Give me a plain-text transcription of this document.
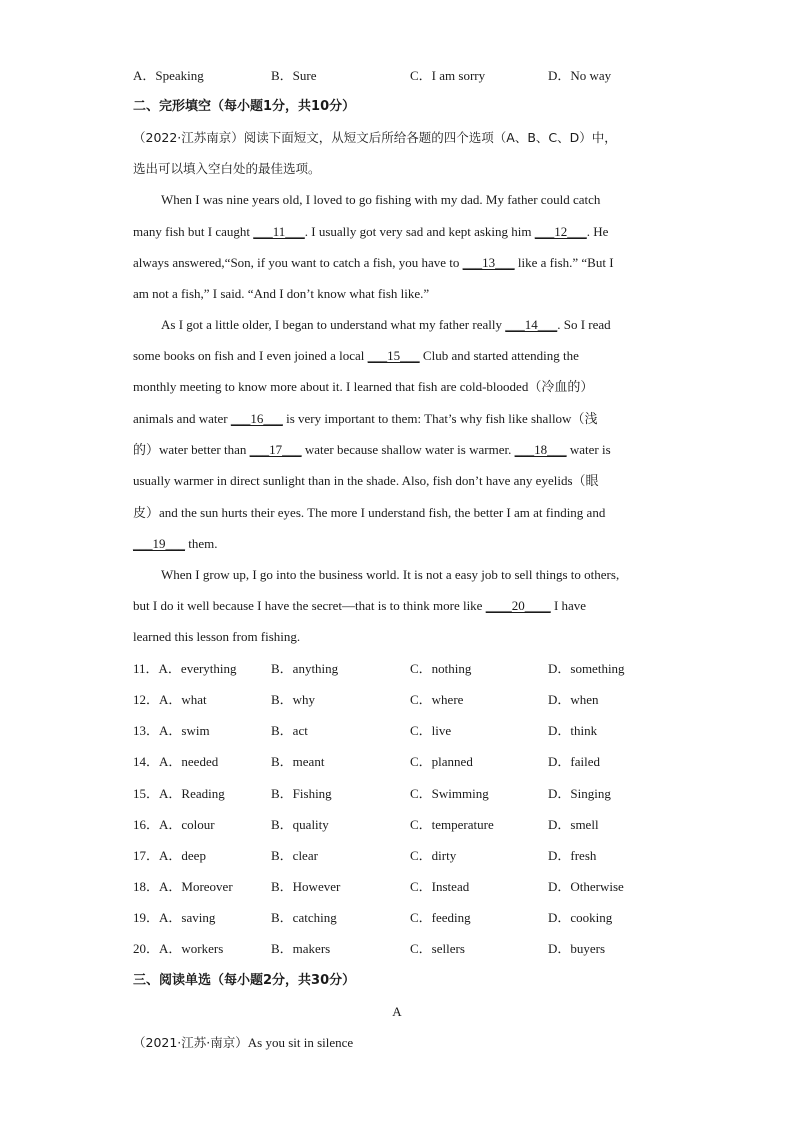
A．Speaking	B．Sure	C．I am sorry	D．No way
二、完形填空（每小题1分，共10分）
（2022·江苏南京）阅读下面短文，从短文后所给各题的四个选项（A、B、C、D）中，
选出可以填入空白处的最佳选项。
When I was nine years old, I loved to go fishing with my dad. My father could catch
many fish but I caught ___11___. I usually got very sad and kept asking him ___12___. He
always answered,“Son, if you want to catch a fish, you have to ___13___ like a fish.” “But I
am not a fish,” I said. “And I don’t know what fish like.”
As I got a little older, I began to understand what my father really ___14___. So I read
some books on fish and I even joined a local ___15___ Club and started attending the
monthly meeting to know more about it. I learned that fish are cold-blooded（冷血的）
animals and water ___16___ is very important to them: That’s why fish like shallow（浅
的）water better than ___17___ water because shallow water is warmer. ___18___ water is
usually warmer in direct sunlight than in the shade. Also, fish don’t have any eyelids（眼
皮）and the sun hurts their eyes. The more I understand fish, the better I am at finding and
___19___ them.
When I grow up, I go into the business world. It is not a easy job to sell things to others,
but I do it well because I have the secret—that is to think more like ____20____ I have
learned this lesson from fishing.
11．A．everything	B．anything	C．nothing	D．something
12．A．what	B．why	C．where	D．when
13．A．swim	B．act	C．live	D．think
14．A．needed	B．meant	C．planned	D．failed
15．A．Reading	B．Fishing	C．Swimming	D．Singing
16．A．colour	B．quality	C．temperature	D．smell
17．A．deep	B．clear	C．dirty	D．fresh
18．A．Moreover	B．However	C．Instead	D．Otherwise
19．A．saving	B．catching	C．feeding	D．cooking
20．A．workers	B．makers	C．sellers	D．buyers
三、阅读单选（每小题2分，共30分）
A
（2021·江苏·南京）As you sit in silence
